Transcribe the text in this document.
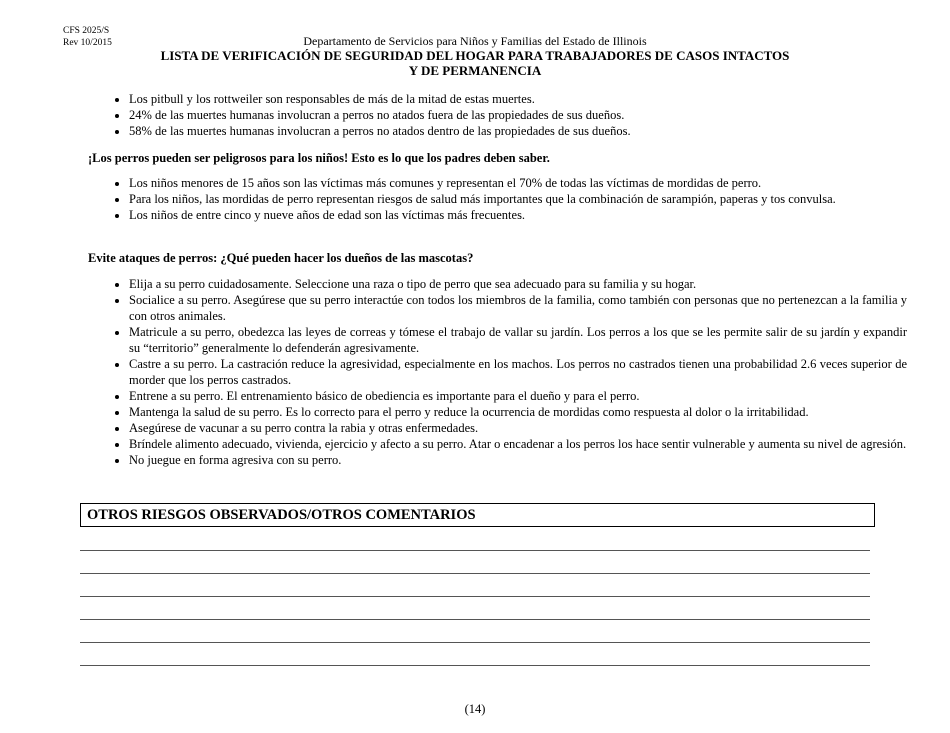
CFS 2025/S
Rev 10/2015	Departamento de Servicios para Niños y Familias del Estado de Illinois
LISTA DE VERIFICACIÓN DE SEGURIDAD DEL HOGAR PARA TRABAJADORES DE CASOS INTACTOS
Y DE PERMANENCIA
• Los pitbull y los rottweiler son responsables de más de la mitad de estas muertes.
• 24% de las muertes humanas involucran a perros no atados fuera de las propiedades de sus dueños.
• 58% de las muertes humanas involucran a perros no atados dentro de las propiedades de sus dueños.
¡Los perros pueden ser peligrosos para los niños! Esto es lo que los padres deben saber.
• Los niños menores de 15 años son las víctimas más comunes y representan el 70% de todas las víctimas de mordidas de perro.
• Para los niños, las mordidas de perro representan riesgos de salud más importantes que la combinación de sarampión, paperas y tos convulsa.
• Los niños de entre cinco y nueve años de edad son las víctimas más frecuentes.
Evite ataques de perros: ¿Qué pueden hacer los dueños de las mascotas?
• Elija a su perro cuidadosamente. Seleccione una raza o tipo de perro que sea adecuado para su familia y su hogar.
• Socialice a su perro. Asegúrese que su perro interactúe con todos los miembros de la familia, como también con personas que no pertenezcan a la familia y con otros animales.
• Matricule a su perro, obedezca las leyes de correas y tómese el trabajo de vallar su jardín. Los perros a los que se les permite salir de su jardín y expandir su “territorio” generalmente lo defenderán agresivamente.
• Castre a su perro. La castración reduce la agresividad, especialmente en los machos. Los perros no castrados tienen una probabilidad 2.6 veces superior de morder que los perros castrados.
• Entrene a su perro. El entrenamiento básico de obediencia es importante para el dueño y para el perro.
• Mantenga la salud de su perro. Es lo correcto para el perro y reduce la ocurrencia de mordidas como respuesta al dolor o la irritabilidad.
• Asegúrese de vacunar a su perro contra la rabia y otras enfermedades.
• Bríndele alimento adecuado, vivienda, ejercicio y afecto a su perro. Atar o encadenar a los perros los hace sentir vulnerable y aumenta su nivel de agresión.
• No juegue en forma agresiva con su perro.
OTROS RIESGOS OBSERVADOS/OTROS COMENTARIOS
(14)
